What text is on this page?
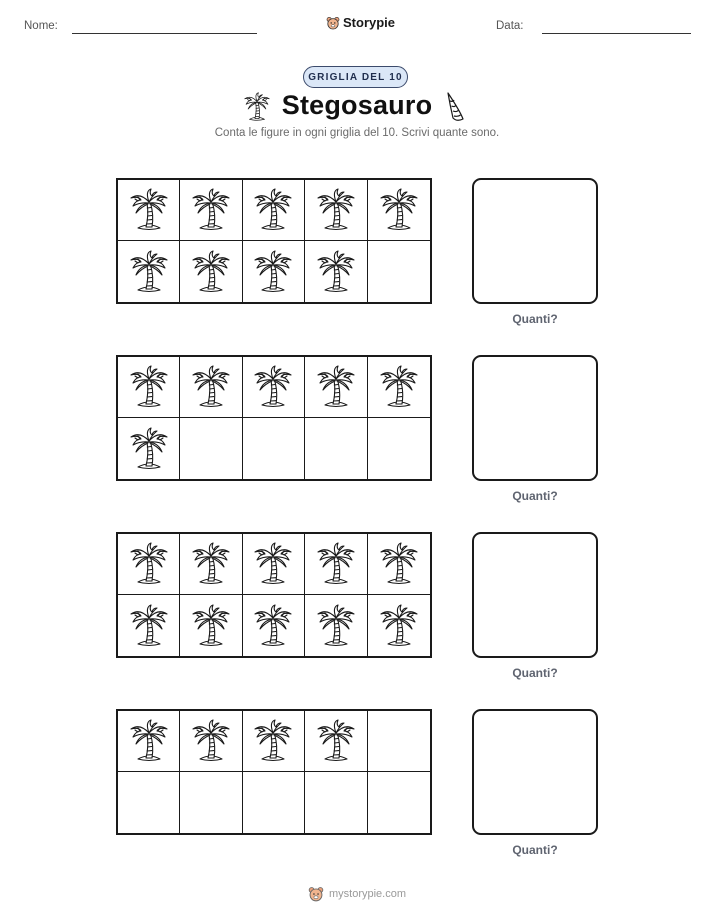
Nome:	Storypie	Data:
GRIGLIA DEL 10
Stegosauro
Conta le figure in ogni griglia del 10. Scrivi quante sono.
Quanti?
Quanti?
Quanti?
Quanti?
mystorypie.com
